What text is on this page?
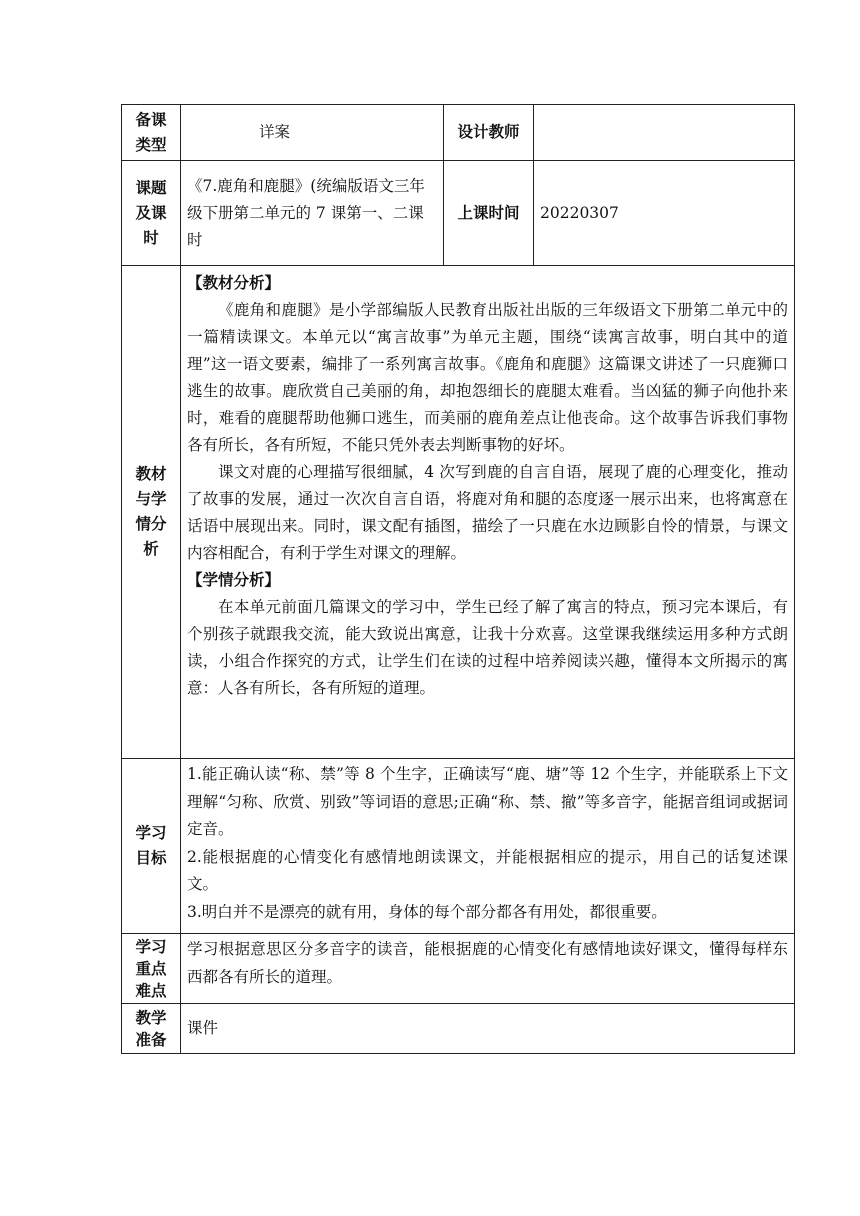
备课类型	详案	设计教师	

课题及课时	《7.鹿角和鹿腿》(统编版语文三年级下册第二单元的 7 课第一、二课时	上课时间	20220307

教材与学情分析	【教材分析】

《鹿角和鹿腿》是小学部编版人民教育出版社出版的三年级语文下册第二单元中的一篇精读课文。本单元以“寓言故事”为单元主题，围绕“读寓言故事，明白其中的道理”这一语文要素，编排了一系列寓言故事。《鹿角和鹿腿》这篇课文讲述了一只鹿狮口逃生的故事。鹿欣赏自己美丽的角，却抱怨细长的鹿腿太难看。当凶猛的狮子向他扑来时，难看的鹿腿帮助他狮口逃生，而美丽的鹿角差点让他丧命。这个故事告诉我们事物各有所长，各有所短，不能只凭外表去判断事物的好坏。

课文对鹿的心理描写很细腻，4 次写到鹿的自言自语，展现了鹿的心理变化，推动了故事的发展，通过一次次自言自语，将鹿对角和腿的态度逐一展示出来，也将寓意在话语中展现出来。同时，课文配有插图，描绘了一只鹿在水边顾影自怜的情景，与课文内容相配合，有利于学生对课文的理解。

【学情分析】

在本单元前面几篇课文的学习中，学生已经了解了寓言的特点，预习完本课后，有个别孩子就跟我交流，能大致说出寓意，让我十分欢喜。这堂课我继续运用多种方式朗读，小组合作探究的方式，让学生们在读的过程中培养阅读兴趣，懂得本文所揭示的寓意：人各有所长，各有所短的道理。		

学习目标	1.能正确认读“称、禁”等 8 个生字，正确读写“鹿、塘”等 12 个生字，并能联系上下文理解“匀称、欣赏、别致”等词语的意思;正确“称、禁、撤”等多音字，能据音组词或据词定音。

2.能根据鹿的心情变化有感情地朗读课文，并能根据相应的提示，用自己的话复述课文。

3.明白并不是漂亮的就有用，身体的每个部分都各有用处，都很重要。		

学习重点难点	学习根据意思区分多音字的读音，能根据鹿的心情变化有感情地读好课文，懂得每样东西都各有所长的道理。		

教学准备	课件		
